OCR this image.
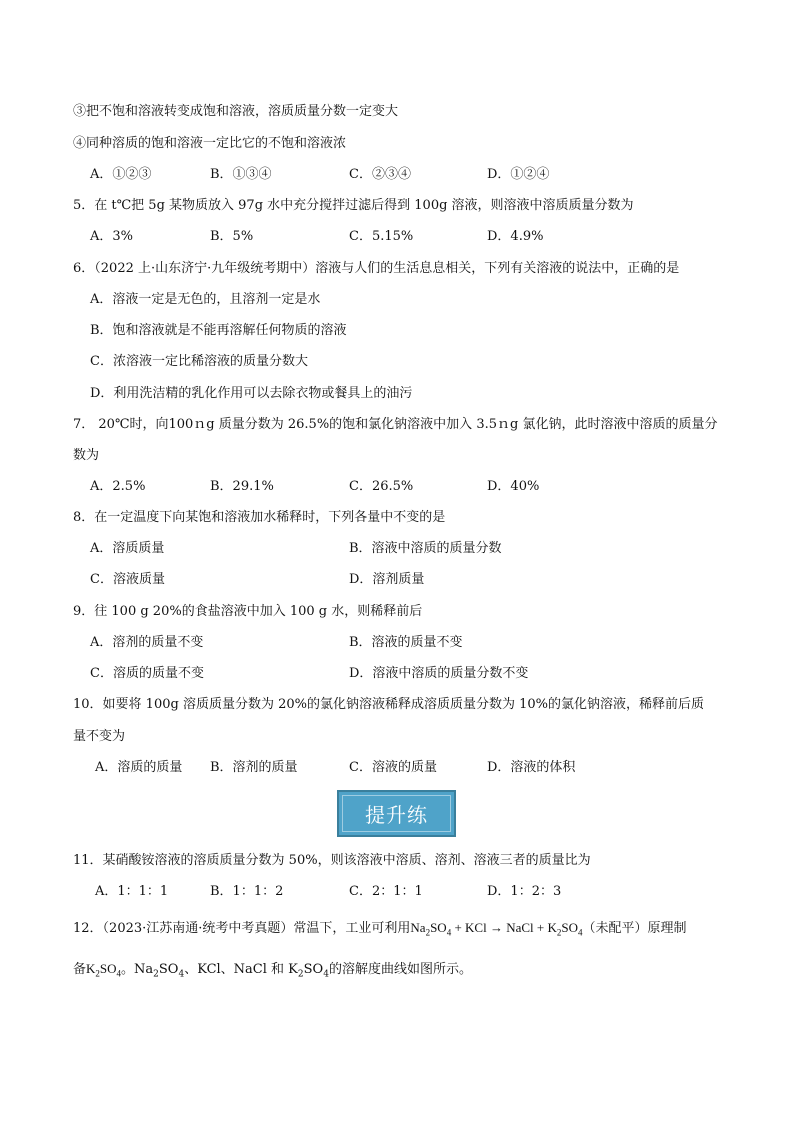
③把不饱和溶液转变成饱和溶液，溶质质量分数一定变大
④同种溶质的饱和溶液一定比它的不饱和溶液浓
A．①②③	B．①③④	C．②③④	D．①②④
5．在 t℃把 5g 某物质放入 97g 水中充分搅拌过滤后得到 100g 溶液，则溶液中溶质质量分数为
A．3%	B．5%	C．5.15%	D．4.9%
6．（2022 上·山东济宁·九年级统考期中）溶液与人们的生活息息相关，下列有关溶液的说法中，正确的是
A．溶液一定是无色的，且溶剂一定是水
B．饱和溶液就是不能再溶解任何物质的溶液
C．浓溶液一定比稀溶液的质量分数大
D．利用洗洁精的乳化作用可以去除衣物或餐具上的油污
7． 20℃时，向100ｎg 质量分数为 26.5%的饱和氯化钠溶液中加入 3.5ｎg 氯化钠，此时溶液中溶质的质量分
数为
A．2.5%	B．29.1%	C．26.5%	D．40%
8．在一定温度下向某饱和溶液加水稀释时，下列各量中不变的是
A．溶质质量	B．溶液中溶质的质量分数
C．溶液质量	D．溶剂质量
9．往 100 g 20%的食盐溶液中加入 100 g 水，则稀释前后
A．溶剂的质量不变	B．溶液的质量不变
C．溶质的质量不变	D．溶液中溶质的质量分数不变
10．如要将 100g 溶质质量分数为 20%的氯化钠溶液稀释成溶质质量分数为 10%的氯化钠溶液，稀释前后质
量不变为
A．溶质的质量 B．溶剂的质量	C．溶液的质量	D．溶液的体积
提升练
11．某硝酸铵溶液的溶质质量分数为 50%，则该溶液中溶质、溶剂、溶液三者的质量比为
A．1：1：1	B．1：1：2	C．2：1：1	D．1：2：3
12．（2023·江苏南通·统考中考真题）常温下，工业可利用$Na_2SO_4$ + KCl → NaCl + $K_2SO_4$（未配平）原理制
备$K_2SO_4$。$Na_2SO_4$、KCl、NaCl 和 $K_2SO_4$的溶解度曲线如图所示。
